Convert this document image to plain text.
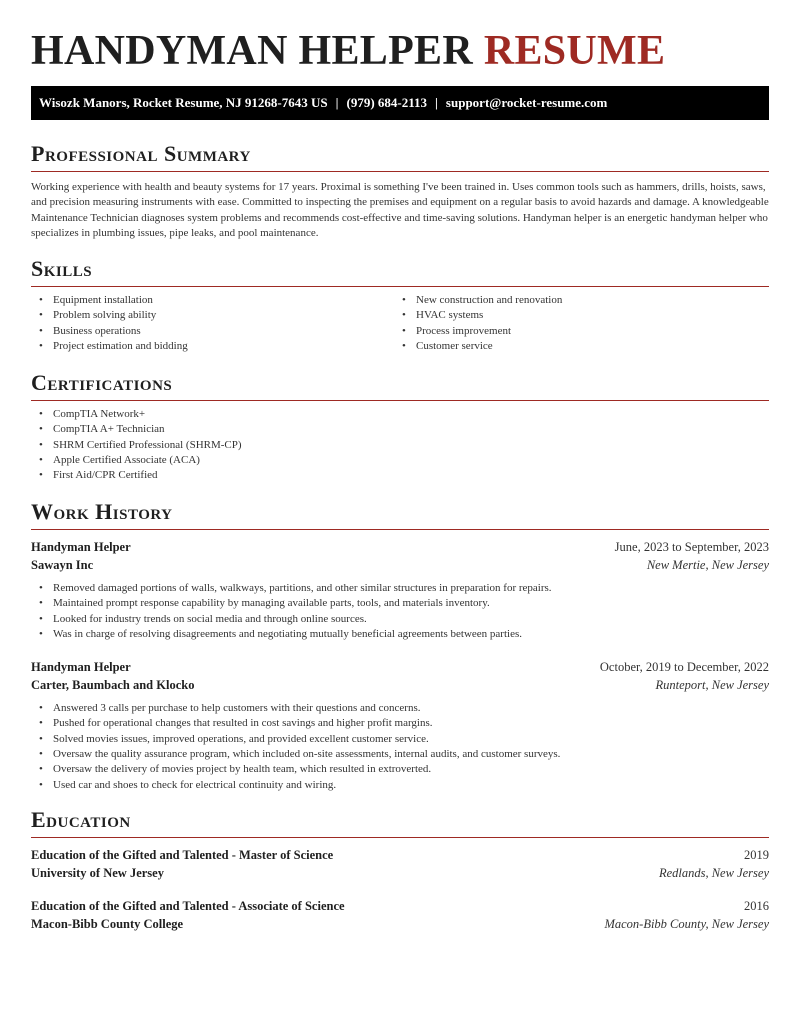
HANDYMAN HELPER RESUME
Wisozk Manors, Rocket Resume, NJ 91268-7643 US | (979) 684-2113 | support@rocket-resume.com
Professional Summary
Working experience with health and beauty systems for 17 years. Proximal is something I've been trained in. Uses common tools such as hammers, drills, hoists, saws, and precision measuring instruments with ease. Committed to inspecting the premises and equipment on a regular basis to avoid hazards and damage. A knowledgeable Maintenance Technician diagnoses system problems and recommends cost-effective and time-saving solutions. Handyman helper is an energetic handyman helper who specializes in plumbing issues, pipe leaks, and pool maintenance.
Skills
• Equipment installation
• Problem solving ability
• Business operations
• Project estimation and bidding
• New construction and renovation
• HVAC systems
• Process improvement
• Customer service
Certifications
• CompTIA Network+
• CompTIA A+ Technician
• SHRM Certified Professional (SHRM-CP)
• Apple Certified Associate (ACA)
• First Aid/CPR Certified
Work History
Handyman Helper	June, 2023 to September, 2023
Sawayn Inc	New Mertie, New Jersey
• Removed damaged portions of walls, walkways, partitions, and other similar structures in preparation for repairs.
• Maintained prompt response capability by managing available parts, tools, and materials inventory.
• Looked for industry trends on social media and through online sources.
• Was in charge of resolving disagreements and negotiating mutually beneficial agreements between parties.
Handyman Helper	October, 2019 to December, 2022
Carter, Baumbach and Klocko	Runteport, New Jersey
• Answered 3 calls per purchase to help customers with their questions and concerns.
• Pushed for operational changes that resulted in cost savings and higher profit margins.
• Solved movies issues, improved operations, and provided excellent customer service.
• Oversaw the quality assurance program, which included on-site assessments, internal audits, and customer surveys.
• Oversaw the delivery of movies project by health team, which resulted in extroverted.
• Used car and shoes to check for electrical continuity and wiring.
Education
Education of the Gifted and Talented - Master of Science	2019
University of New Jersey	Redlands, New Jersey
Education of the Gifted and Talented - Associate of Science	2016
Macon-Bibb County College	Macon-Bibb County, New Jersey
